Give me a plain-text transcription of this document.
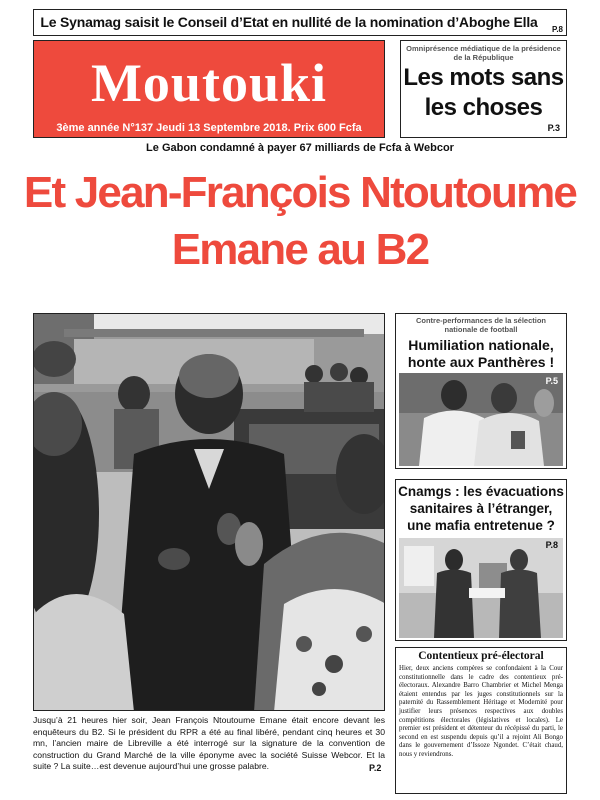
Le Synamag saisit le Conseil d’Etat en nullité de la nomination d’Aboghe Ella	P.8
Moutouki
3ème année N°137 Jeudi 13 Septembre 2018. Prix 600 Fcfa
Omniprésence médiatique de la présidence de la République
Les mots sans
les choses
P.3
Le Gabon condamné à payer 67 milliards de Fcfa à Webcor
Et Jean-François Ntoutoume
Emane au B2
Jusqu’à 21 heures hier soir, Jean François Ntoutoume Emane était encore devant les enquêteurs du B2. Si le président du RPR a été au final libéré, pendant cinq heures et 30 mn, l’ancien maire de Libreville a été interrogé sur la signature de la convention de construction du Grand Marché de la ville éponyme avec la société Suisse Webcor. Et la suite ? La suite…est devenue aujourd’hui une grosse palabre.	P.2
Contre-performances de la sélection nationale de football
Humiliation nationale,
honte aux Panthères !
P.5
Cnamgs : les évacuations
sanitaires à l’étranger,
une mafia entretenue ?
P.8
Contentieux pré-électoral
Hier, deux anciens compères se confondaient à la Cour constitutionnelle dans le cadre des contentieux pré-électoraux. Alexandre Barro Chambrier et Michel Menga étaient entendus par les juges constitutionnels sur la paternité du Rassemblement Héritage et Modernité pour justifier leurs présences respectives aux doubles compétitions électorales (législatives et locales). Le premier est président et détenteur du récépissé du parti, le second en est suspendu depuis qu’il a rejoint Ali Bongo dans le gouvernement d’Issoze Ngondet. C’était chaud, nous y reviendrons.
